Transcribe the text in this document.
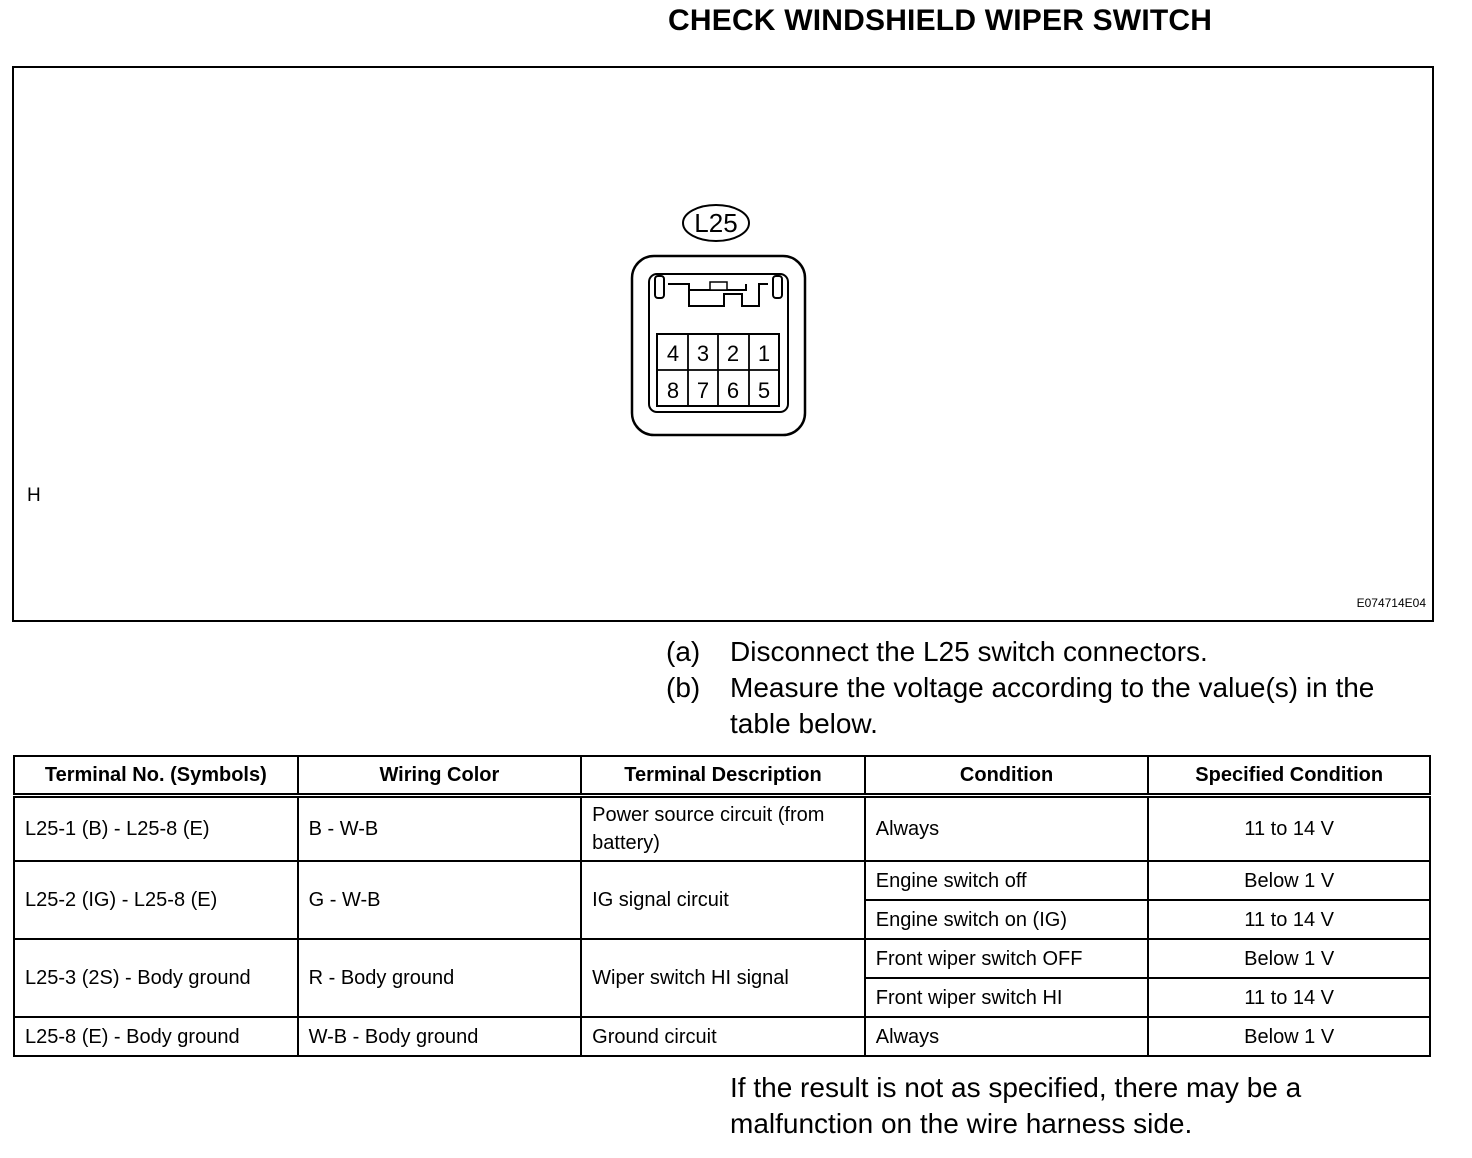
CHECK WINDSHIELD WIPER SWITCH
L25
4 3 2 1
8 7 6 5
H
E074714E04
(a)	Disconnect the L25 switch connectors.
(b)	Measure the voltage according to the value(s) in the table below.
Terminal No. (Symbols)	Wiring Color	Terminal Description	Condition	Specified Condition
L25-1 (B) - L25-8 (E)	B - W-B	Power source circuit (from battery)	Always	11 to 14 V
L25-2 (IG) - L25-8 (E)	G - W-B	IG signal circuit	Engine switch off	Below 1 V
			Engine switch on (IG)	11 to 14 V
L25-3 (2S) - Body ground	R - Body ground	Wiper switch HI signal	Front wiper switch OFF	Below 1 V
			Front wiper switch HI	11 to 14 V
L25-8 (E) - Body ground	W-B - Body ground	Ground circuit	Always	Below 1 V
If the result is not as specified, there may be a malfunction on the wire harness side.
